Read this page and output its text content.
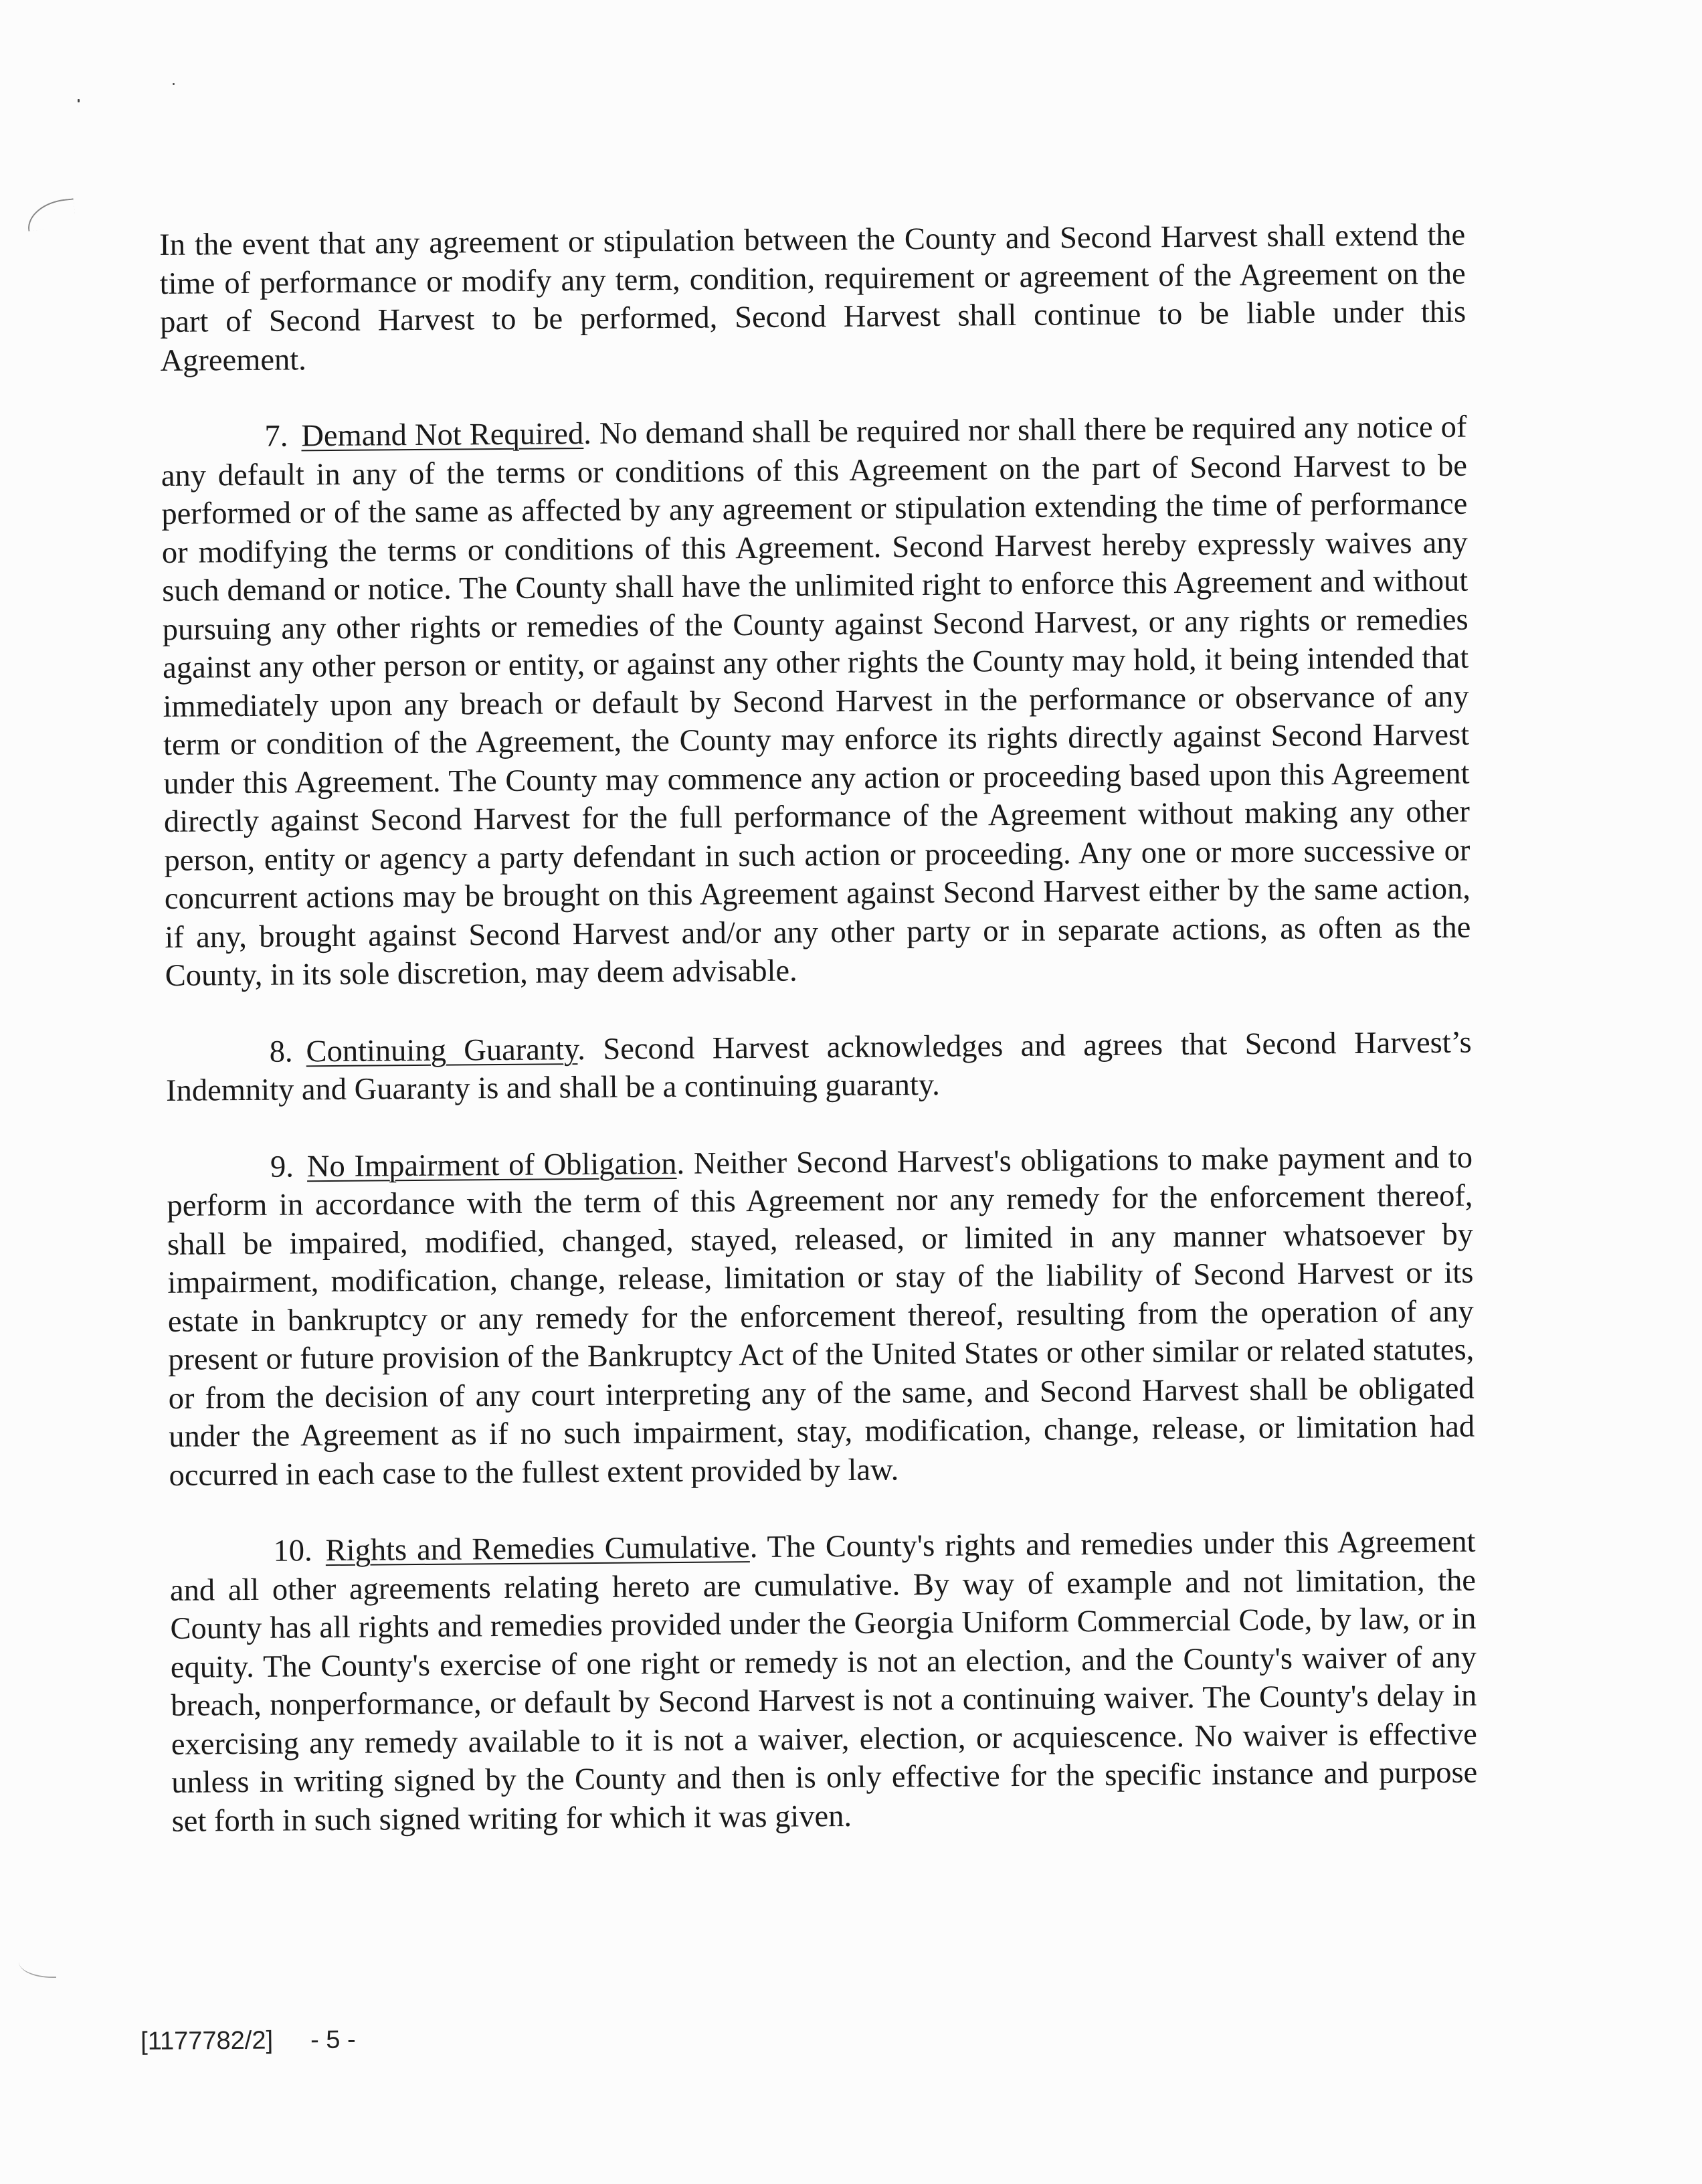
In the event that any agreement or stipulation between the County and Second Harvest shall extend the time of performance or modify any term, condition, requirement or agreement of the Agreement on the part of Second Harvest to be performed, Second Harvest shall continue to be liable under this Agreement.

7. Demand Not Required. No demand shall be required nor shall there be required any notice of any default in any of the terms or conditions of this Agreement on the part of Second Harvest to be performed or of the same as affected by any agreement or stipulation extending the time of performance or modifying the terms or conditions of this Agreement. Second Harvest hereby expressly waives any such demand or notice. The County shall have the unlimited right to enforce this Agreement and without pursuing any other rights or remedies of the County against Second Harvest, or any rights or remedies against any other person or entity, or against any other rights the County may hold, it being intended that immediately upon any breach or default by Second Harvest in the performance or observance of any term or condition of the Agreement, the County may enforce its rights directly against Second Harvest under this Agreement. The County may commence any action or proceeding based upon this Agreement directly against Second Harvest for the full performance of the Agreement without making any other person, entity or agency a party defendant in such action or proceeding. Any one or more successive or concurrent actions may be brought on this Agreement against Second Harvest either by the same action, if any, brought against Second Harvest and/or any other party or in separate actions, as often as the County, in its sole discretion, may deem advisable.

8. Continuing Guaranty. Second Harvest acknowledges and agrees that Second Harvest’s Indemnity and Guaranty is and shall be a continuing guaranty.

9. No Impairment of Obligation. Neither Second Harvest's obligations to make payment and to perform in accordance with the term of this Agreement nor any remedy for the enforcement thereof, shall be impaired, modified, changed, stayed, released, or limited in any manner whatsoever by impairment, modification, change, release, limitation or stay of the liability of Second Harvest or its estate in bankruptcy or any remedy for the enforcement thereof, resulting from the operation of any present or future provision of the Bankruptcy Act of the United States or other similar or related statutes, or from the decision of any court interpreting any of the same, and Second Harvest shall be obligated under the Agreement as if no such impairment, stay, modification, change, release, or limitation had occurred in each case to the fullest extent provided by law.

10. Rights and Remedies Cumulative. The County's rights and remedies under this Agreement and all other agreements relating hereto are cumulative. By way of example and not limitation, the County has all rights and remedies provided under the Georgia Uniform Commercial Code, by law, or in equity. The County's exercise of one right or remedy is not an election, and the County's waiver of any breach, nonperformance, or default by Second Harvest is not a continuing waiver. The County's delay in exercising any remedy available to it is not a waiver, election, or acquiescence. No waiver is effective unless in writing signed by the County and then is only effective for the specific instance and purpose set forth in such signed writing for which it was given.

[1177782/2] - 5 -
